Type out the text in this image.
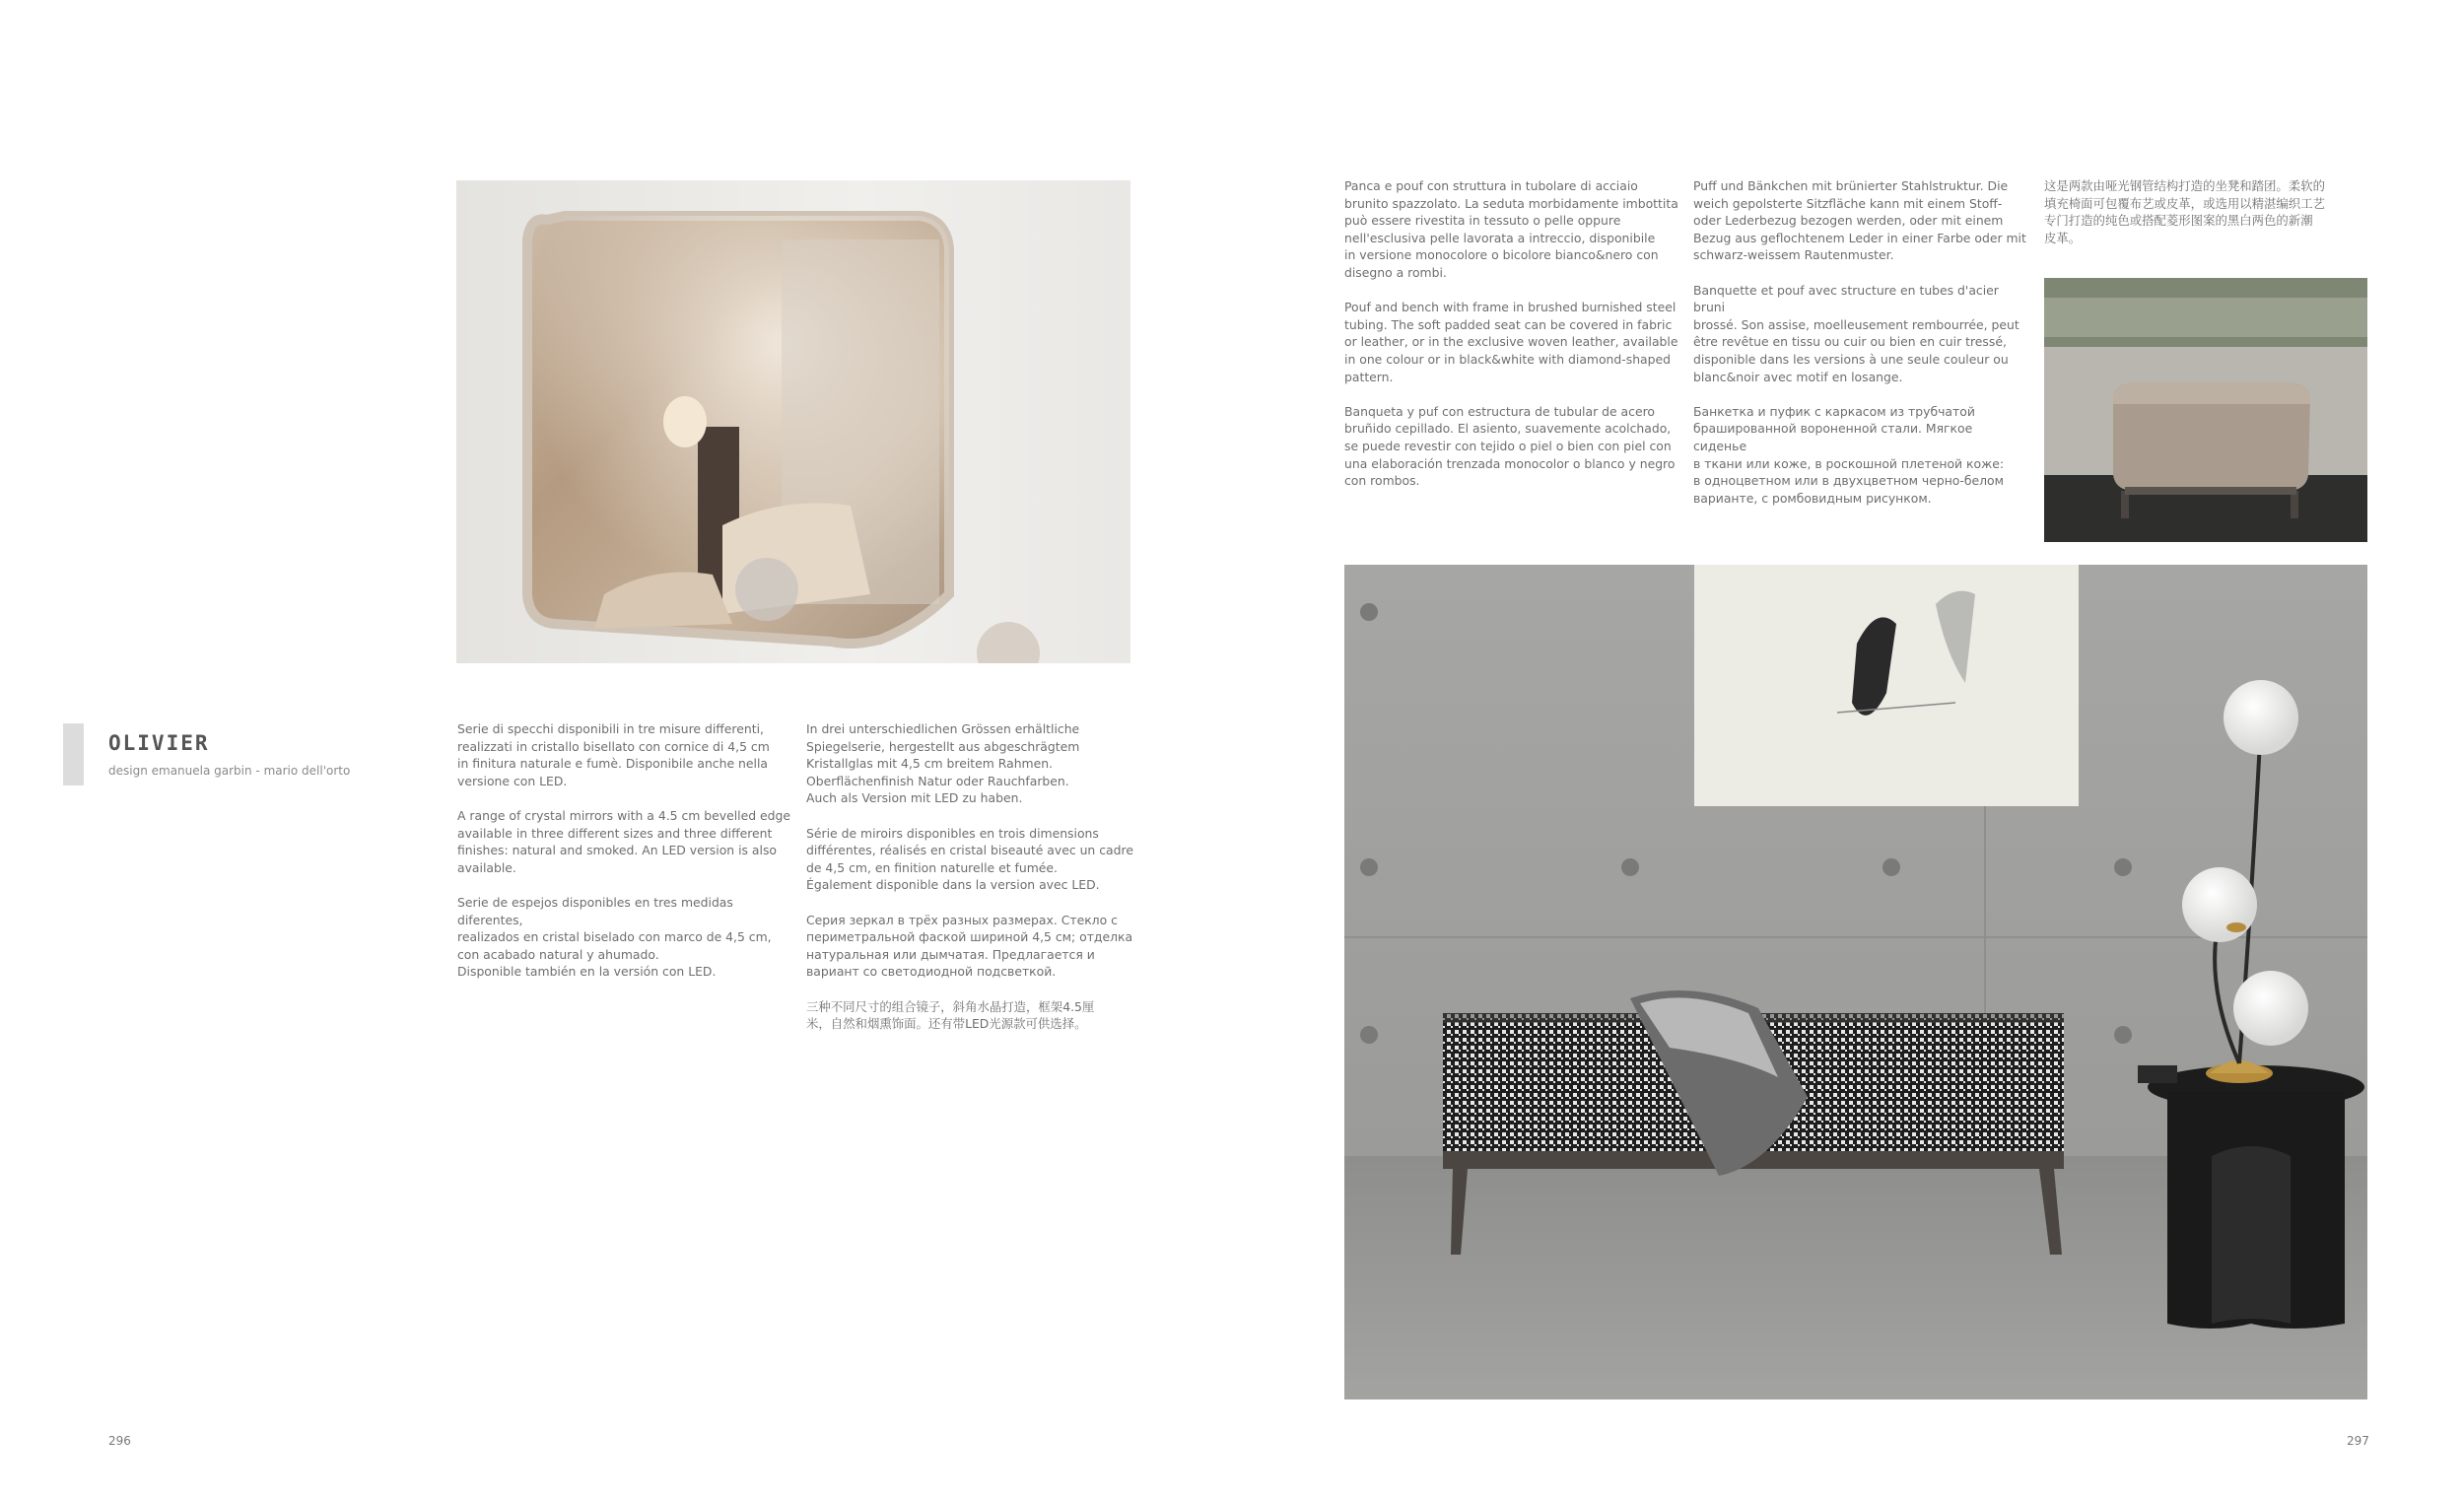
OLIVIER
design emanuela garbin - mario dell'orto

Serie di specchi disponibili in tre misure differenti,
realizzati in cristallo bisellato con cornice di 4,5 cm
in finitura naturale e fumè. Disponibile anche nella
versione con LED.

A range of crystal mirrors with a 4.5 cm bevelled edge
available in three different sizes and three different
finishes: natural and smoked. An LED version is also
available.

Serie de espejos disponibles en tres medidas diferentes,
realizados en cristal biselado con marco de 4,5 cm,
con acabado natural y ahumado.
Disponible también en la versión con LED.

In drei unterschiedlichen Grössen erhältliche
Spiegelserie, hergestellt aus abgeschrägtem
Kristallglas mit 4,5 cm breitem Rahmen.
Oberflächenfinish Natur oder Rauchfarben.
Auch als Version mit LED zu haben.

Série de miroirs disponibles en trois dimensions
différentes, réalisés en cristal biseauté avec un cadre
de 4,5 cm, en finition naturelle et fumée.
Également disponible dans la version avec LED.

Серия зеркал в трёх разных размерах. Стекло с
периметральной фаской шириной 4,5 см; отделка
натуральная или дымчатая. Предлагается и
вариант со светодиодной подсветкой.

三种不同尺寸的组合镜子，斜角水晶打造，框架4.5厘
米，自然和烟熏饰面。还有带LED光源款可供选择。

296

Panca e pouf con struttura in tubolare di acciaio
brunito spazzolato. La seduta morbidamente imbottita
può essere rivestita in tessuto o pelle oppure
nell'esclusiva pelle lavorata a intreccio, disponibile
in versione monocolore o bicolore bianco&nero con
disegno a rombi.

Pouf and bench with frame in brushed burnished steel
tubing. The soft padded seat can be covered in fabric
or leather, or in the exclusive woven leather, available
in one colour or in black&white with diamond-shaped
pattern.

Banqueta y puf con estructura de tubular de acero
bruñido cepillado. El asiento, suavemente acolchado,
se puede revestir con tejido o piel o bien con piel con
una elaboración trenzada monocolor o blanco y negro
con rombos.

Puff und Bänkchen mit brünierter Stahlstruktur. Die
weich gepolsterte Sitzfläche kann mit einem Stoff-
oder Lederbezug bezogen werden, oder mit einem
Bezug aus geflochtenem Leder in einer Farbe oder mit
schwarz-weissem Rautenmuster.

Banquette et pouf avec structure en tubes d'acier bruni
brossé. Son assise, moelleusement rembourrée, peut
être revêtue en tissu ou cuir ou bien en cuir tressé,
disponible dans les versions à une seule couleur ou
blanc&noir avec motif en losange.

Банкетка и пуфик с каркасом из трубчатой
брашированной вороненной стали. Мягкое сиденье
в ткани или коже, в роскошной плетеной коже:
в одноцветном или в двухцветном черно-белом
варианте, с ромбовидным рисунком.

这是两款由哑光钢管结构打造的坐凳和踏团。柔软的
填充椅面可包覆布艺或皮革，或选用以精湛编织工艺
专门打造的纯色或搭配菱形图案的黑白两色的新潮
皮革。

297
